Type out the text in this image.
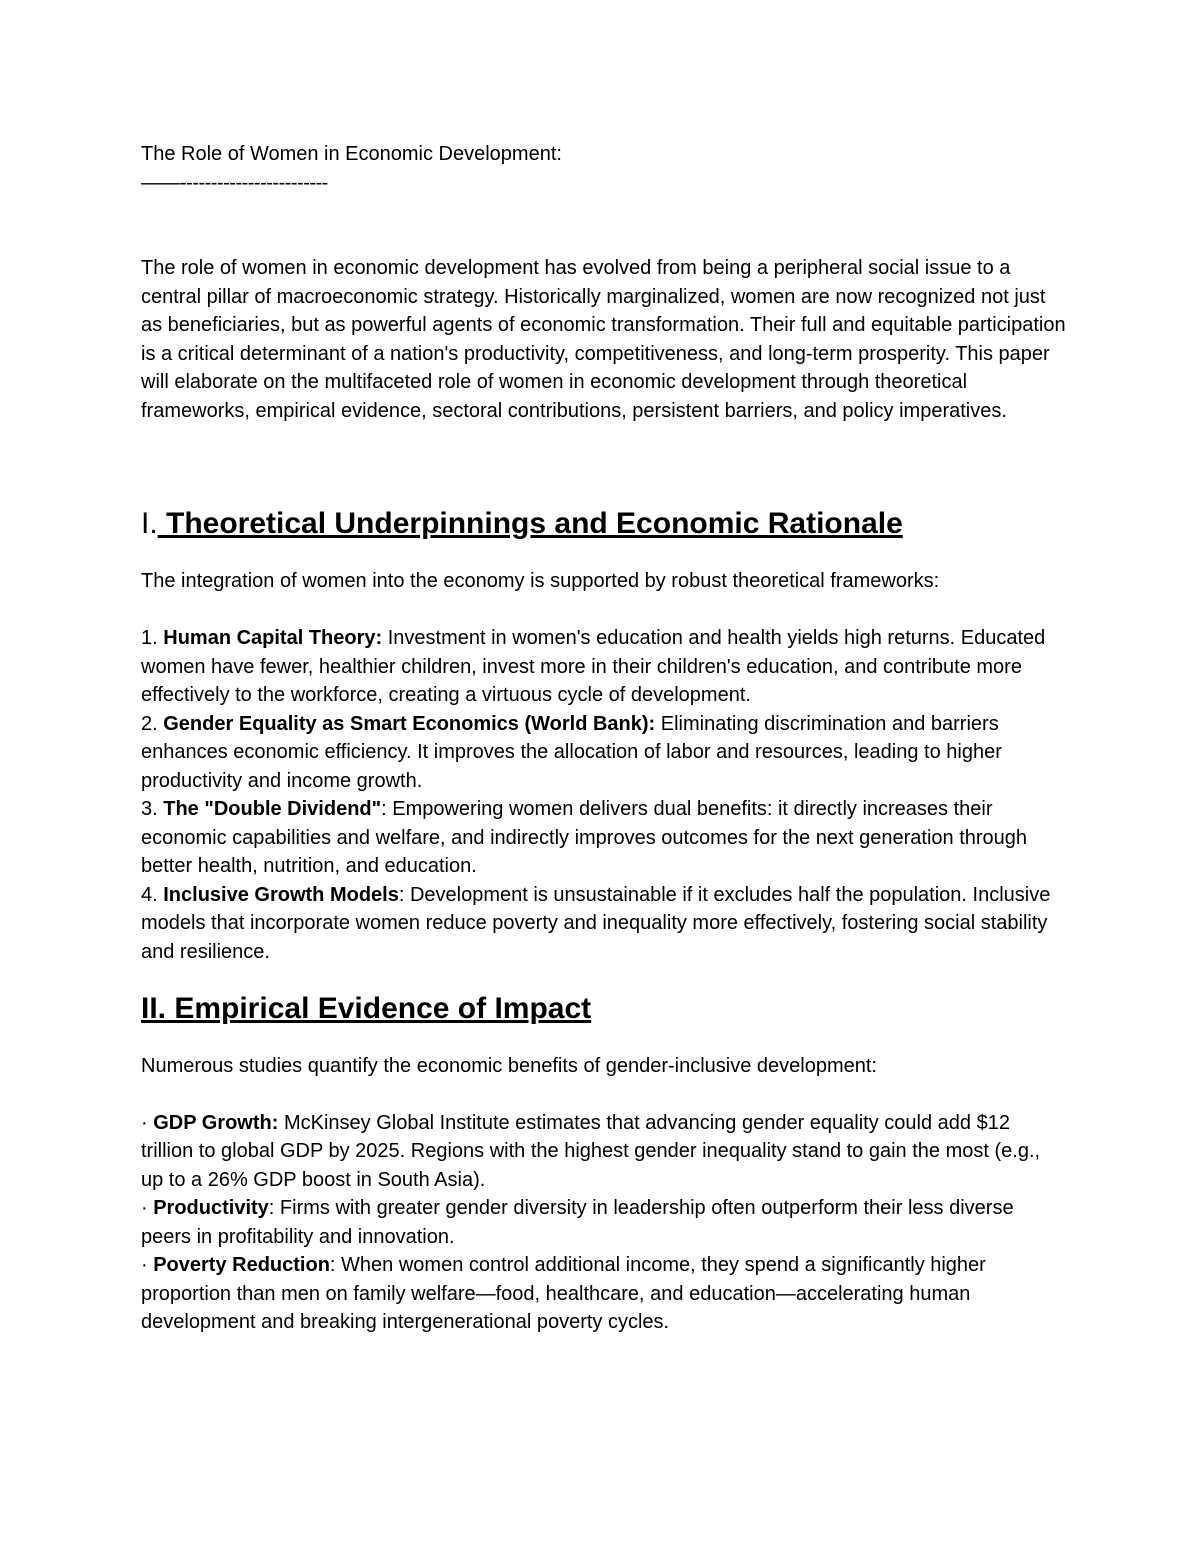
The Role of Women in Economic Development:
——------------------------

The role of women in economic development has evolved from being a peripheral social issue to a central pillar of macroeconomic strategy. Historically marginalized, women are now recognized not just as beneficiaries, but as powerful agents of economic transformation. Their full and equitable participation is a critical determinant of a nation's productivity, competitiveness, and long-term prosperity. This paper will elaborate on the multifaceted role of women in economic development through theoretical frameworks, empirical evidence, sectoral contributions, persistent barriers, and policy imperatives.

I. Theoretical Underpinnings and Economic Rationale

The integration of women into the economy is supported by robust theoretical frameworks:

1. Human Capital Theory: Investment in women's education and health yields high returns. Educated women have fewer, healthier children, invest more in their children's education, and contribute more effectively to the workforce, creating a virtuous cycle of development.
2. Gender Equality as Smart Economics (World Bank): Eliminating discrimination and barriers enhances economic efficiency. It improves the allocation of labor and resources, leading to higher productivity and income growth.
3. The "Double Dividend": Empowering women delivers dual benefits: it directly increases their economic capabilities and welfare, and indirectly improves outcomes for the next generation through better health, nutrition, and education.
4. Inclusive Growth Models: Development is unsustainable if it excludes half the population. Inclusive models that incorporate women reduce poverty and inequality more effectively, fostering social stability and resilience.
II. Empirical Evidence of Impact

Numerous studies quantify the economic benefits of gender-inclusive development:

· GDP Growth: McKinsey Global Institute estimates that advancing gender equality could add $12 trillion to global GDP by 2025. Regions with the highest gender inequality stand to gain the most (e.g., up to a 26% GDP boost in South Asia).
· Productivity: Firms with greater gender diversity in leadership often outperform their less diverse peers in profitability and innovation.
· Poverty Reduction: When women control additional income, they spend a significantly higher proportion than men on family welfare—food, healthcare, and education—accelerating human development and breaking intergenerational poverty cycles.
